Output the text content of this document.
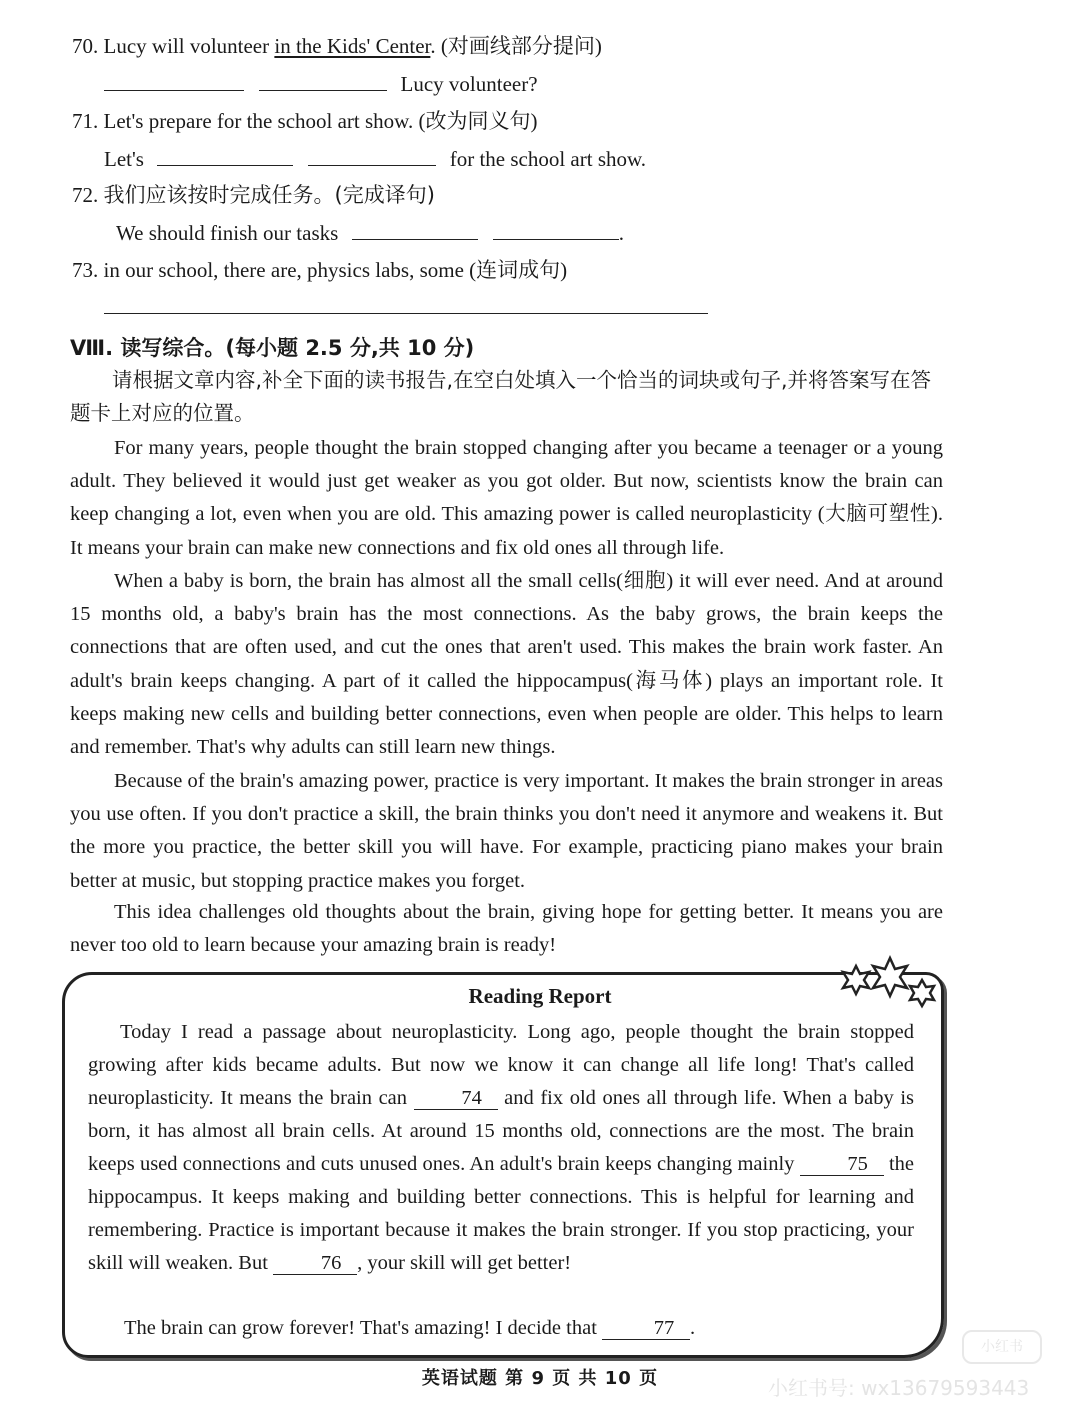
70. Lucy will volunteer in the Kids' Center. (对画线部分提问)
Lucy volunteer?
71. Let's prepare for the school art show. (改为同义句)
Let's	for the school art show.
72. 我们应该按时完成任务。(完成译句)
We should finish our tasks	.
73. in our school, there are, physics labs, some (连词成句)
Ⅷ. 读写综合。(每小题 2.5 分,共 10 分)
请根据文章内容,补全下面的读书报告,在空白处填入一个恰当的词块或句子,并将答案写在答题卡上对应的位置。

For many years, people thought the brain stopped changing after you became a teenager or a young adult. They believed it would just get weaker as you got older. But now, scientists know the brain can keep changing a lot, even when you are old. This amazing power is called neuroplasticity (大脑可塑性). It means your brain can make new connections and fix old ones all through life.

When a baby is born, the brain has almost all the small cells(细胞) it will ever need. And at around 15 months old, a baby's brain has the most connections. As the baby grows, the brain keeps the connections that are often used, and cut the ones that aren't used. This makes the brain work faster. An adult's brain keeps changing. A part of it called the hippocampus(海马体) plays an important role. It keeps making new cells and building better connections, even when people are older. This helps to learn and remember. That's why adults can still learn new things.

Because of the brain's amazing power, practice is very important. It makes the brain stronger in areas you use often. If you don't practice a skill, the brain thinks you don't need it anymore and weakens it. But the more you practice, the better skill you will have. For example, practicing piano makes your brain better at music, but stopping practice makes you forget.

This idea challenges old thoughts about the brain, giving hope for getting better. It means you are never too old to learn because your amazing brain is ready!

Reading Report

Today I read a passage about neuroplasticity. Long ago, people thought the brain stopped growing after kids became adults. But now we know it can change all life long! That's called neuroplasticity. It means the brain can	74 and fix old ones all through life. When a baby is born, it has almost all brain cells. At around 15 months old, connections are the most. The brain keeps used connections and cuts unused ones. An adult's brain keeps changing mainly	75 the hippocampus. It keeps making and building better connections. This is helpful for learning and remembering. Practice is important because it makes the brain stronger. If you stop practicing, your skill will weaken. But	76 , your skill will get better!

The brain can grow forever! That's amazing! I decide that	77 .

英语试题 第 9 页 共 10 页
小红书
小红书号: wx13679593443
